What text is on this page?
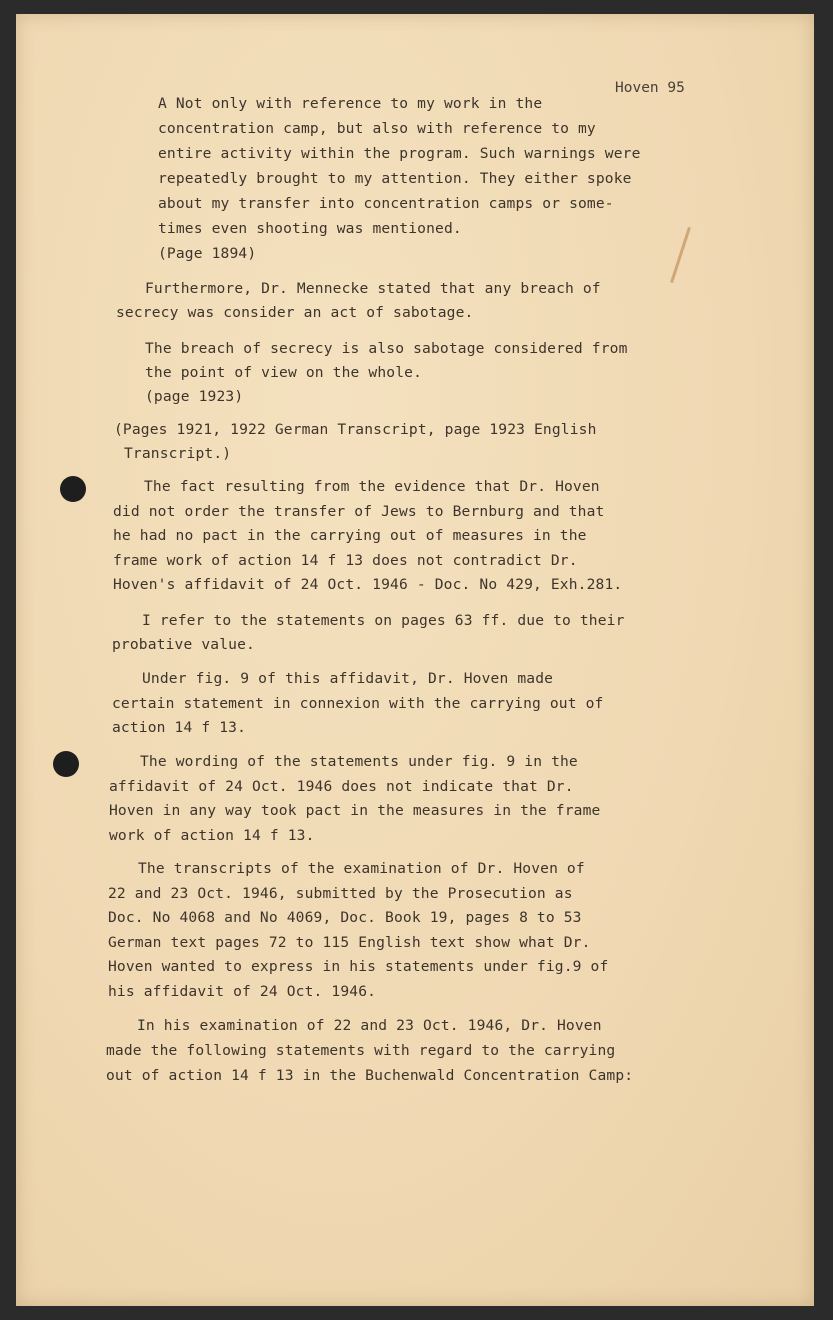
Hoven 95
A Not only with reference to my work in the
concentration camp, but also with reference to my
entire activity within the program. Such warnings were
repeatedly brought to my attention. They either spoke
about my transfer into concentration camps or some-
times even shooting was mentioned.
(Page 1894)
Furthermore, Dr. Mennecke stated that any breach of
secrecy was consider an act of sabotage.
The breach of secrecy is also sabotage considered from
the point of view on the whole.
(page 1923)
(Pages 1921, 1922 German Transcript, page 1923 English
Transcript.)
The fact resulting from the evidence that Dr. Hoven
did not order the transfer of Jews to Bernburg and that
he had no pact in the carrying out of measures in the
frame work of action 14 f 13 does not contradict Dr.
Hoven's affidavit of 24 Oct. 1946 - Doc. No 429, Exh.281.
I refer to the statements on pages 63 ff. due to their
probative value.
Under fig. 9 of this affidavit, Dr. Hoven made
certain statement in connexion with the carrying out of
action 14 f 13.
The wording of the statements under fig. 9 in the
affidavit of 24 Oct. 1946 does not indicate that Dr.
Hoven in any way took pact in the measures in the frame
work of action 14 f 13.
The transcripts of the examination of Dr. Hoven of
22 and 23 Oct. 1946, submitted by the Prosecution as
Doc. No 4068 and No 4069, Doc. Book 19, pages 8 to 53
German text pages 72 to 115 English text show what Dr.
Hoven wanted to express in his statements under fig.9 of
his affidavit of 24 Oct. 1946.
In his examination of 22 and 23 Oct. 1946, Dr. Hoven
made the following statements with regard to the carrying
out of action 14 f 13 in the Buchenwald Concentration Camp:
